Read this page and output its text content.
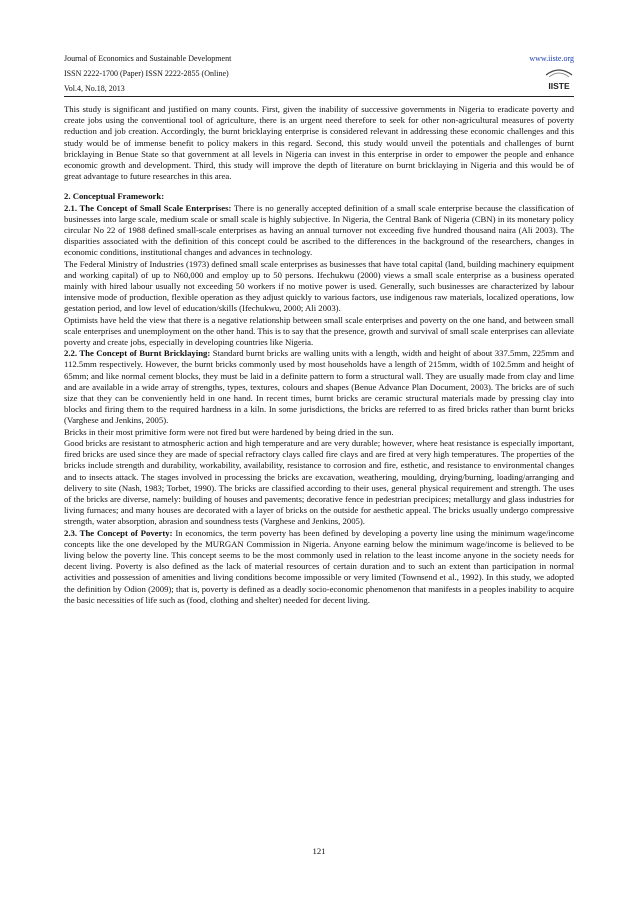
Journal of Economics and Sustainable Development
ISSN 2222-1700 (Paper) ISSN 2222-2855 (Online)
Vol.4, No.18, 2013
www.iiste.org
IISTE

This study is significant and justified on many counts. First, given the inability of successive governments in Nigeria to eradicate poverty and create jobs using the conventional tool of agriculture, there is an urgent need therefore to seek for other non-agricultural measures of poverty reduction and job creation. Accordingly, the burnt bricklaying enterprise is considered relevant in addressing these economic challenges and this study would be of immense benefit to policy makers in this regard. Second, this study would unveil the potentials and challenges of burnt bricklaying in Benue State so that government at all levels in Nigeria can invest in this enterprise in order to empower the people and enhance economic growth and development. Third, this study will improve the depth of literature on burnt bricklaying in Nigeria and this would be of great advantage to future researches in this area.

2. Conceptual Framework:

2.1. The Concept of Small Scale Enterprises: There is no generally accepted definition of a small scale enterprise because the classification of businesses into large scale, medium scale or small scale is highly subjective. In Nigeria, the Central Bank of Nigeria (CBN) in its monetary policy circular No 22 of 1988 defined small-scale enterprises as having an annual turnover not exceeding five hundred thousand naira (Ali 2003). The disparities associated with the definition of this concept could be ascribed to the differences in the background of the researchers, changes in economic conditions, institutional changes and advances in technology.

The Federal Ministry of Industries (1973) defined small scale enterprises as businesses that have total capital (land, building machinery equipment and working capital) of up to N60,000 and employ up to 50 persons. Ifechukwu (2000) views a small scale enterprise as a business operated mainly with hired labour usually not exceeding 50 workers if no motive power is used. Generally, such businesses are characterized by labour intensive mode of production, flexible operation as they adjust quickly to various factors, use indigenous raw materials, localized operations, low gestation period, and low level of education/skills (Ifechukwu, 2000; Ali 2003).

Optimists have held the view that there is a negative relationship between small scale enterprises and poverty on the one hand, and between small scale enterprises and unemployment on the other hand. This is to say that the presence, growth and survival of small scale enterprises can alleviate poverty and create jobs, especially in developing countries like Nigeria.

2.2. The Concept of Burnt Bricklaying: Standard burnt bricks are walling units with a length, width and height of about 337.5mm, 225mm and 112.5mm respectively. However, the burnt bricks commonly used by most households have a length of 215mm, width of 102.5mm and height of 65mm; and like normal cement blocks, they must be laid in a definite pattern to form a structural wall. They are usually made from clay and lime and are available in a wide array of strengths, types, textures, colours and shapes (Benue Advance Plan Document, 2003). The bricks are of such size that they can be conveniently held in one hand. In recent times, burnt bricks are ceramic structural materials made by pressing clay into blocks and firing them to the required hardness in a kiln. In some jurisdictions, the bricks are referred to as fired bricks rather than burnt bricks (Varghese and Jenkins, 2005).

Bricks in their most primitive form were not fired but were hardened by being dried in the sun.

Good bricks are resistant to atmospheric action and high temperature and are very durable; however, where heat resistance is especially important, fired bricks are used since they are made of special refractory clays called fire clays and are fired at very high temperatures. The properties of the bricks include strength and durability, workability, availability, resistance to corrosion and fire, esthetic, and resistance to environmental changes and to insects attack. The stages involved in processing the bricks are excavation, weathering, moulding, drying/burning, loading/arranging and delivery to site (Nash, 1983; Torbet, 1990). The bricks are classified according to their uses, general physical requirement and strength. The uses of the bricks are diverse, namely: building of houses and pavements; decorative fence in pedestrian precipices; metallurgy and glass industries for living furnaces; and many houses are decorated with a layer of bricks on the outside for aesthetic appeal. The bricks usually undergo compressive strength, water absorption, abrasion and soundness tests (Varghese and Jenkins, 2005).

2.3. The Concept of Poverty: In economics, the term poverty has been defined by developing a poverty line using the minimum wage/income concepts like the one developed by the MURGAN Commission in Nigeria. Anyone earning below the minimum wage/income is believed to be living below the poverty line. This concept seems to be the most commonly used in relation to the least income anyone in the society needs for decent living. Poverty is also defined as the lack of material resources of certain duration and to such an extent than participation in normal activities and possession of amenities and living conditions become impossible or very limited (Townsend et al., 1992). In this study, we adopted the definition by Odion (2009); that is, poverty is defined as a deadly socio-economic phenomenon that manifests in a peoples inability to acquire the basic necessities of life such as (food, clothing and shelter) needed for decent living.

121
